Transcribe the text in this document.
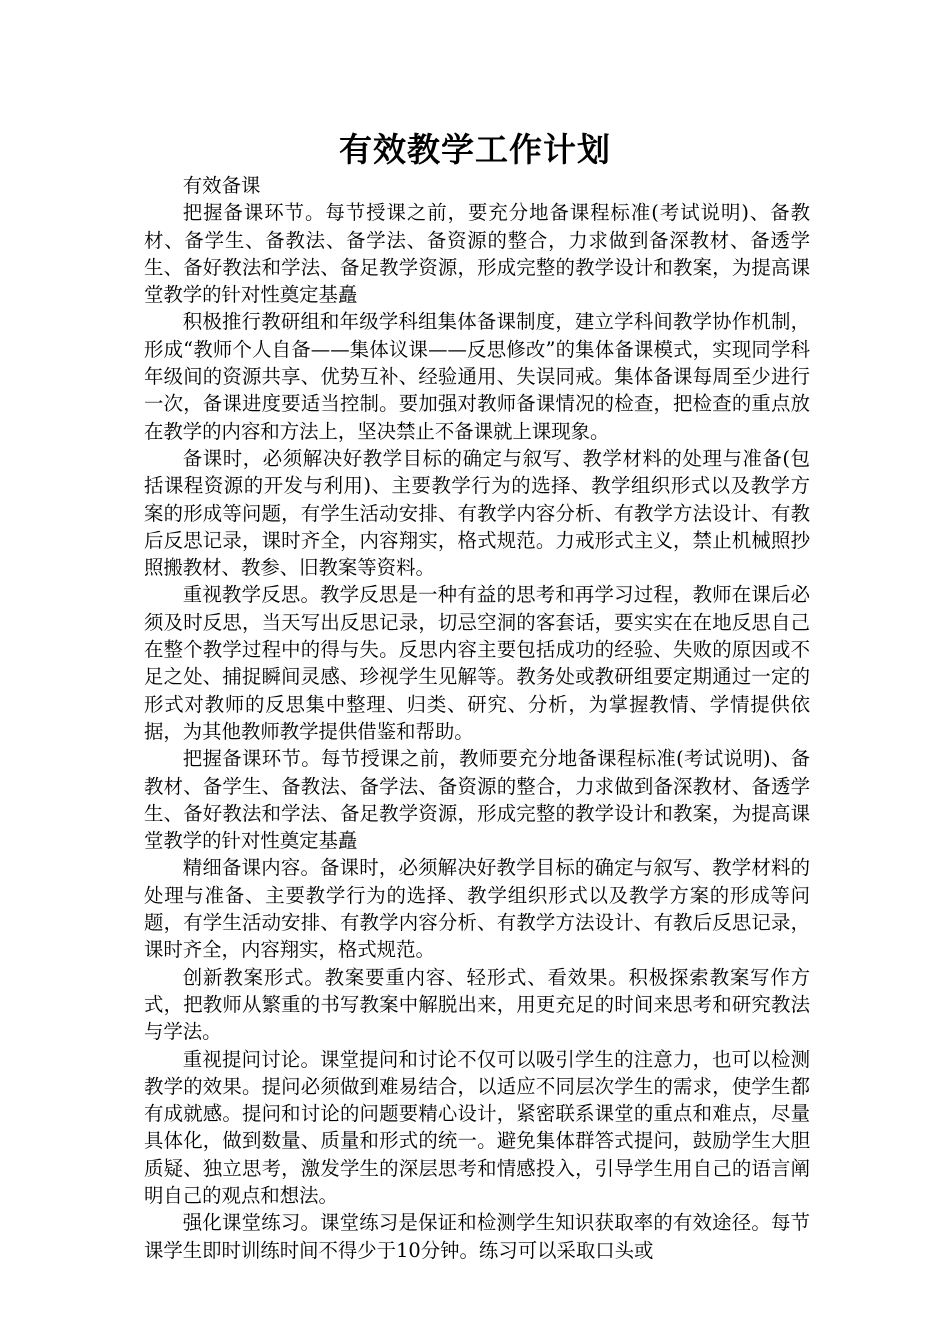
有效教学工作计划

有效备课

把握备课环节。每节授课之前，要充分地备课程标准(考试说明)、备教材、备学生、备教法、备学法、备资源的整合，力求做到备深教材、备透学生、备好教法和学法、备足教学资源，形成完整的教学设计和教案，为提高课堂教学的针对性奠定基矗

积极推行教研组和年级学科组集体备课制度，建立学科间教学协作机制，形成“教师个人自备——集体议课——反思修改”的集体备课模式，实现同学科年级间的资源共享、优势互补、经验通用、失误同戒。集体备课每周至少进行一次，备课进度要适当控制。要加强对教师备课情况的检查，把检查的重点放在教学的内容和方法上，坚决禁止不备课就上课现象。

备课时，必须解决好教学目标的确定与叙写、教学材料的处理与准备(包括课程资源的开发与利用)、主要教学行为的选择、教学组织形式以及教学方案的形成等问题，有学生活动安排、有教学内容分析、有教学方法设计、有教后反思记录，课时齐全，内容翔实，格式规范。力戒形式主义，禁止机械照抄照搬教材、教参、旧教案等资料。

重视教学反思。教学反思是一种有益的思考和再学习过程，教师在课后必须及时反思，当天写出反思记录，切忌空洞的客套话，要实实在在地反思自己在整个教学过程中的得与失。反思内容主要包括成功的经验、失败的原因或不足之处、捕捉瞬间灵感、珍视学生见解等。教务处或教研组要定期通过一定的形式对教师的反思集中整理、归类、研究、分析，为掌握教情、学情提供依据，为其他教师教学提供借鉴和帮助。

把握备课环节。每节授课之前，教师要充分地备课程标准(考试说明)、备教材、备学生、备教法、备学法、备资源的整合，力求做到备深教材、备透学生、备好教法和学法、备足教学资源，形成完整的教学设计和教案，为提高课堂教学的针对性奠定基矗

精细备课内容。备课时，必须解决好教学目标的确定与叙写、教学材料的处理与准备、主要教学行为的选择、教学组织形式以及教学方案的形成等问题，有学生活动安排、有教学内容分析、有教学方法设计、有教后反思记录，课时齐全，内容翔实，格式规范。

创新教案形式。教案要重内容、轻形式、看效果。积极探索教案写作方式，把教师从繁重的书写教案中解脱出来，用更充足的时间来思考和研究教法与学法。

重视提问讨论。课堂提问和讨论不仅可以吸引学生的注意力，也可以检测教学的效果。提问必须做到难易结合，以适应不同层次学生的需求，使学生都有成就感。提问和讨论的问题要精心设计，紧密联系课堂的重点和难点，尽量具体化，做到数量、质量和形式的统一。避免集体群答式提问，鼓励学生大胆质疑、独立思考，激发学生的深层思考和情感投入，引导学生用自己的语言阐明自己的观点和想法。

强化课堂练习。课堂练习是保证和检测学生知识获取率的有效途径。每节课学生即时训练时间不得少于10分钟。练习可以采取口头或
